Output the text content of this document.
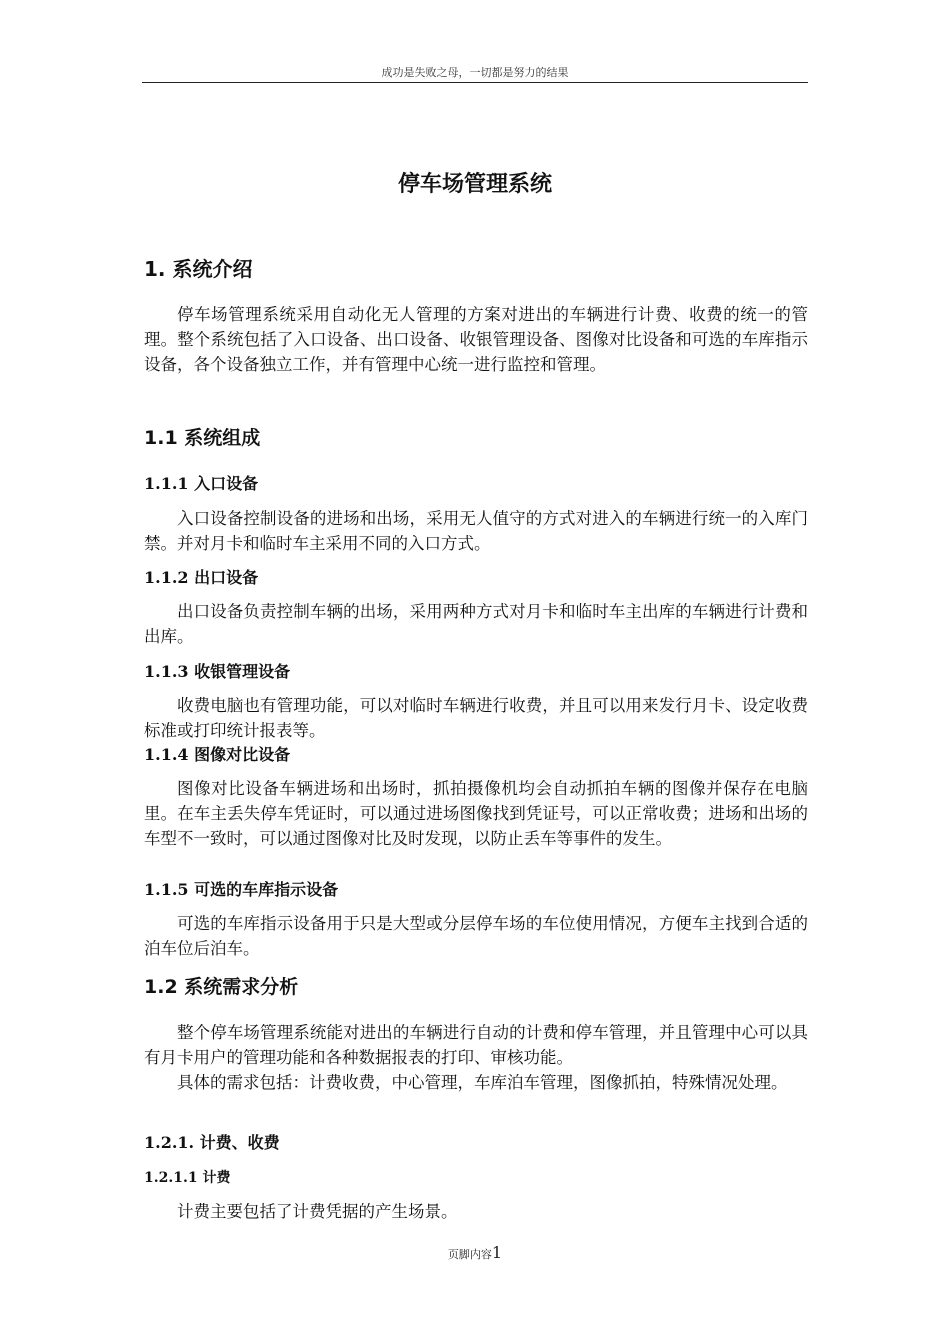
成功是失败之母，一切都是努力的结果
停车场管理系统
1. 系统介绍
停车场管理系统采用自动化无人管理的方案对进出的车辆进行计费、收费的统一的管理。整个系统包括了入口设备、出口设备、收银管理设备、图像对比设备和可选的车库指示设备，各个设备独立工作，并有管理中心统一进行监控和管理。
1.1 系统组成
1.1.1 入口设备
入口设备控制设备的进场和出场，采用无人值守的方式对进入的车辆进行统一的入库门禁。并对月卡和临时车主采用不同的入口方式。
1.1.2 出口设备
出口设备负责控制车辆的出场，采用两种方式对月卡和临时车主出库的车辆进行计费和出库。
1.1.3 收银管理设备
收费电脑也有管理功能，可以对临时车辆进行收费，并且可以用来发行月卡、设定收费标准或打印统计报表等。
1.1.4 图像对比设备
图像对比设备车辆进场和出场时，抓拍摄像机均会自动抓拍车辆的图像并保存在电脑里。在车主丢失停车凭证时，可以通过进场图像找到凭证号，可以正常收费；进场和出场的车型不一致时，可以通过图像对比及时发现，以防止丢车等事件的发生。
1.1.5 可选的车库指示设备
可选的车库指示设备用于只是大型或分层停车场的车位使用情况，方便车主找到合适的泊车位后泊车。
1.2 系统需求分析
整个停车场管理系统能对进出的车辆进行自动的计费和停车管理，并且管理中心可以具有月卡用户的管理功能和各种数据报表的打印、审核功能。
具体的需求包括：计费收费，中心管理，车库泊车管理，图像抓拍，特殊情况处理。
1.2.1. 计费、收费
1.2.1.1 计费
计费主要包括了计费凭据的产生场景。
页脚内容1
